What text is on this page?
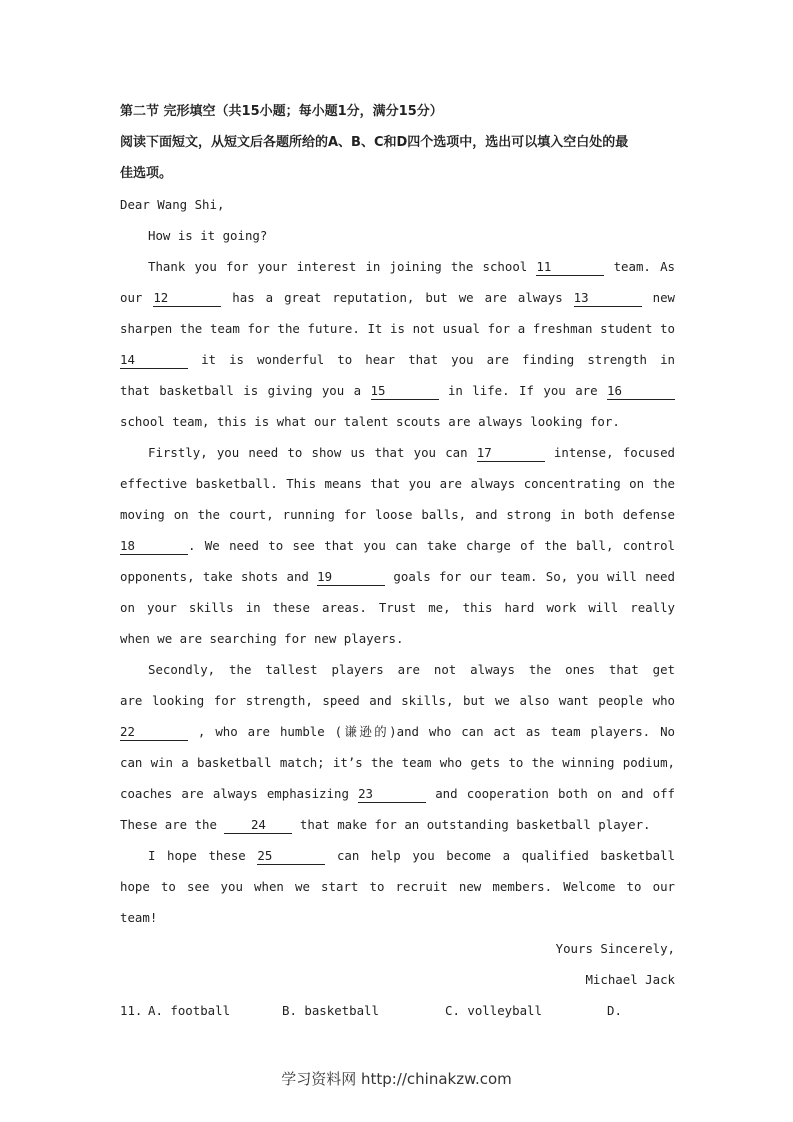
第二节 完形填空（共15小题；每小题1分，满分15分）
阅读下面短文，从短文后各题所给的A、B、C和D四个选项中，选出可以填入空白处的最
佳选项。
Dear Wang Shi,
How is it going?
Thank you for your interest in joining the school 11	team. As
our 12	has a great reputation, but we are always 13	new
sharpen the team for the future. It is not usual for a freshman student to
14	it is wonderful to hear that you are finding strength in
that basketball is giving you a 15	in life. If you are 16
school team, this is what our talent scouts are always looking for.
Firstly, you need to show us that you can 17	intense, focused
effective basketball. This means that you are always concentrating on the
moving on the court, running for loose balls, and strong in both defense
18	. We need to see that you can take charge of the ball, control
opponents, take shots and 19	goals for our team. So, you will need
on your skills in these areas. Trust me, this hard work will really
when we are searching for new players.
Secondly, the tallest players are not always the ones that get
are looking for strength, speed and skills, but we also want people who
22	, who are humble (谦逊的)and who can act as team players. No
can win a basketball match; it’s the team who gets to the winning podium,
coaches are always emphasizing 23	and cooperation both on and off
These are the 24 that make for an outstanding basketball player.
I hope these 25	can help you become a qualified basketball
hope to see you when we start to recruit new members. Welcome to our
team!
Yours Sincerely,
Michael Jack
11. A. football	B. basketball	C. volleyball	D.
学习资料网 http://chinakzw.com
